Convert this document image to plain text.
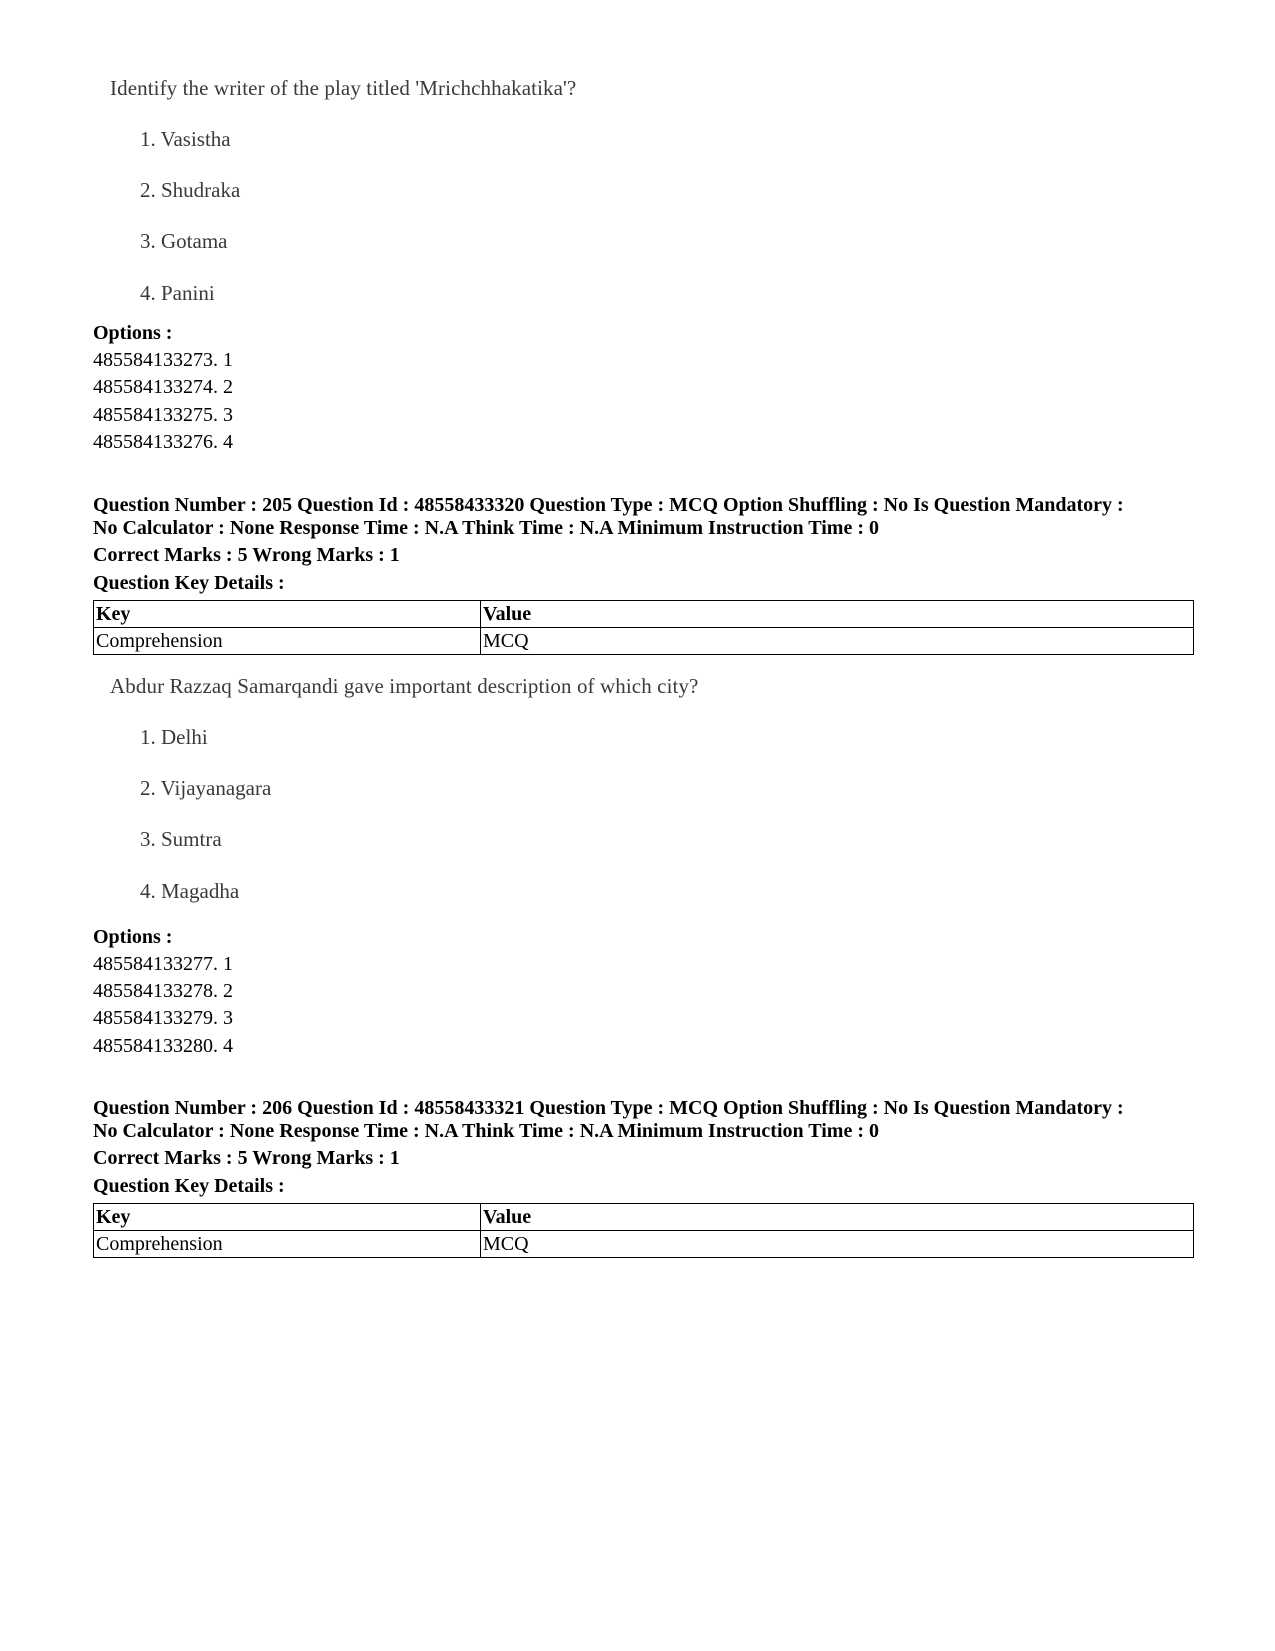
Identify the writer of the play titled 'Mrichchhakatika'?
1. Vasistha
2. Shudraka
3. Gotama
4. Panini
Options :
485584133273. 1
485584133274. 2
485584133275. 3
485584133276. 4
Question Number : 205 Question Id : 48558433320 Question Type : MCQ Option Shuffling : No Is Question Mandatory :
No Calculator : None Response Time : N.A Think Time : N.A Minimum Instruction Time : 0
Correct Marks : 5 Wrong Marks : 1
Question Key Details :
Key	Value
Comprehension	MCQ
Abdur Razzaq Samarqandi gave important description of which city?
1. Delhi
2. Vijayanagara
3. Sumtra
4. Magadha
Options :
485584133277. 1
485584133278. 2
485584133279. 3
485584133280. 4
Question Number : 206 Question Id : 48558433321 Question Type : MCQ Option Shuffling : No Is Question Mandatory :
No Calculator : None Response Time : N.A Think Time : N.A Minimum Instruction Time : 0
Correct Marks : 5 Wrong Marks : 1
Question Key Details :
Key	Value
Comprehension	MCQ
